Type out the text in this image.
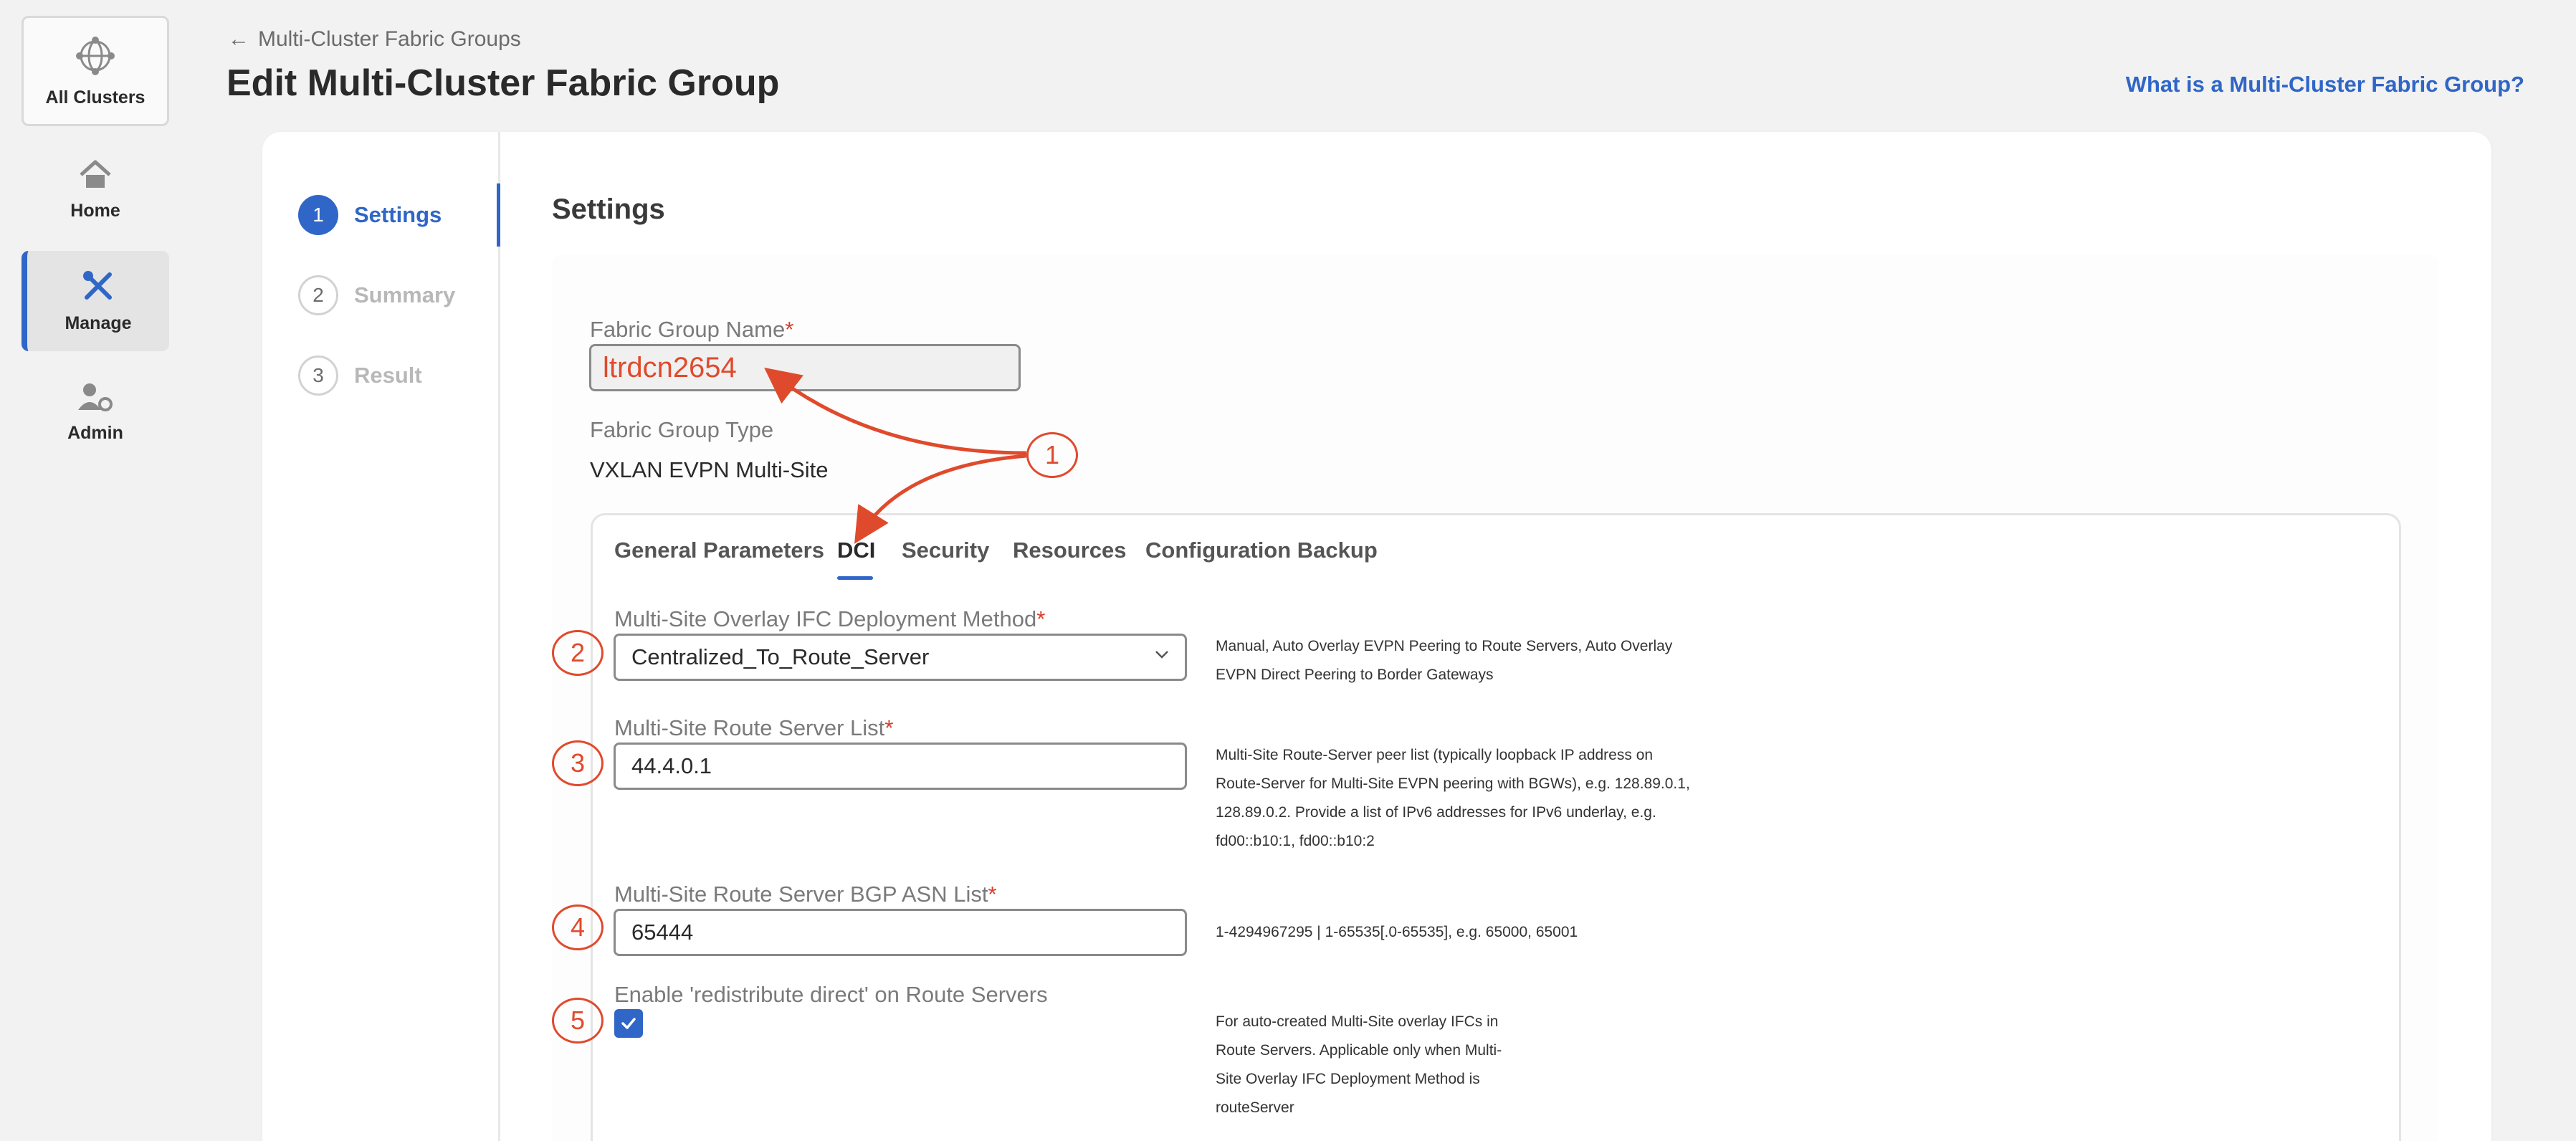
All Clusters
Home
Manage
Admin
← Multi-Cluster Fabric Groups
Edit Multi-Cluster Fabric Group	What is a Multi-Cluster Fabric Group?
1	Settings
2	Summary
3	Result
Settings
Fabric Group Name*
ltrdcn2654
Fabric Group Type
VXLAN EVPN Multi-Site
General Parameters DCI Security Resources Configuration Backup
Multi-Site Overlay IFC Deployment Method*
Centralized_To_Route_Server	Manual, Auto Overlay EVPN Peering to Route Servers, Auto Overlay
EVPN Direct Peering to Border Gateways
Multi-Site Route Server List*
44.4.0.1	Multi-Site Route-Server peer list (typically loopback IP address on
Route-Server for Multi-Site EVPN peering with BGWs), e.g. 128.89.0.1,
128.89.0.2. Provide a list of IPv6 addresses for IPv6 underlay, e.g.
fd00::b10:1, fd00::b10:2
Multi-Site Route Server BGP ASN List*
65444	1-4294967295 | 1-65535[.0-65535], e.g. 65000, 65001
Enable 'redistribute direct' on Route Servers
For auto-created Multi-Site overlay IFCs in
Route Servers. Applicable only when Multi-
Site Overlay IFC Deployment Method is
routeServer
1
2
3
4
5
